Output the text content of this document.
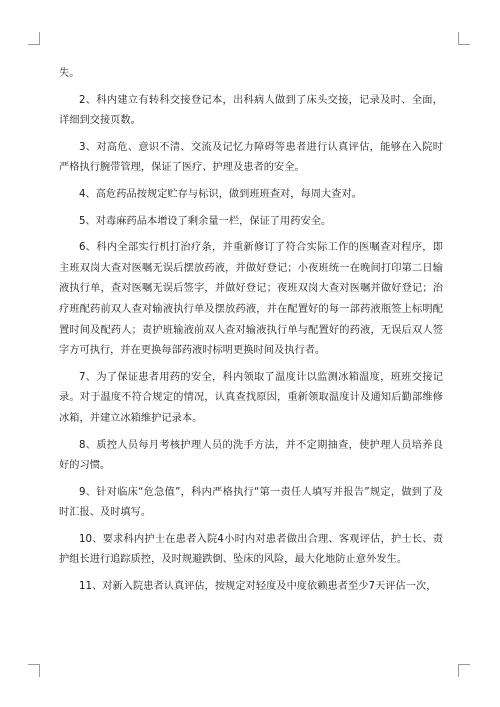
失。

2、科内建立有转科交接登记本，出科病人做到了床头交接，记录及时、全面，详细到交接页数。

3、对高危、意识不清、交流及记忆力障碍等患者进行认真评估，能够在入院时严格执行腕带管理，保证了医疗、护理及患者的安全。

4、高危药品按规定贮存与标识，做到班班查对，每周大查对。

5、对毒麻药品本增设了剩余量一栏，保证了用药安全。

6、科内全部实行机打治疗条，并重新修订了符合实际工作的医嘱查对程序，即主班双岗大查对医嘱无误后摆放药液，并做好登记；小夜班统一在晚间打印第二日输液执行单，查对医嘱无误后签字，并做好登记；夜班双岗大查对医嘱并做好登记；治疗班配药前双人查对输液执行单及摆放药液，并在配置好的每一部药液瓶签上标明配置时间及配药人；责护班输液前双人查对输液执行单与配置好的药液，无误后双人签字方可执行，并在更换每部药液时标明更换时间及执行者。

7、为了保证患者用药的安全，科内领取了温度计以监测冰箱温度，班班交接记录。对于温度不符合规定的情况，认真查找原因，重新领取温度计及通知后勤部维修冰箱，并建立冰箱维护记录本。

8、质控人员每月考核护理人员的洗手方法，并不定期抽查，使护理人员培养良好的习惯。

9、针对临床“危急值”，科内严格执行“第一责任人填写并报告”规定，做到了及时汇报、及时填写。

10、要求科内护士在患者入院4小时内对患者做出合理、客观评估，护士长、责护组长进行追踪质控，及时规避跌倒、坠床的风险，最大化地防止意外发生。

11、对新入院患者认真评估，按规定对轻度及中度依赖患者至少7天评估一次，
